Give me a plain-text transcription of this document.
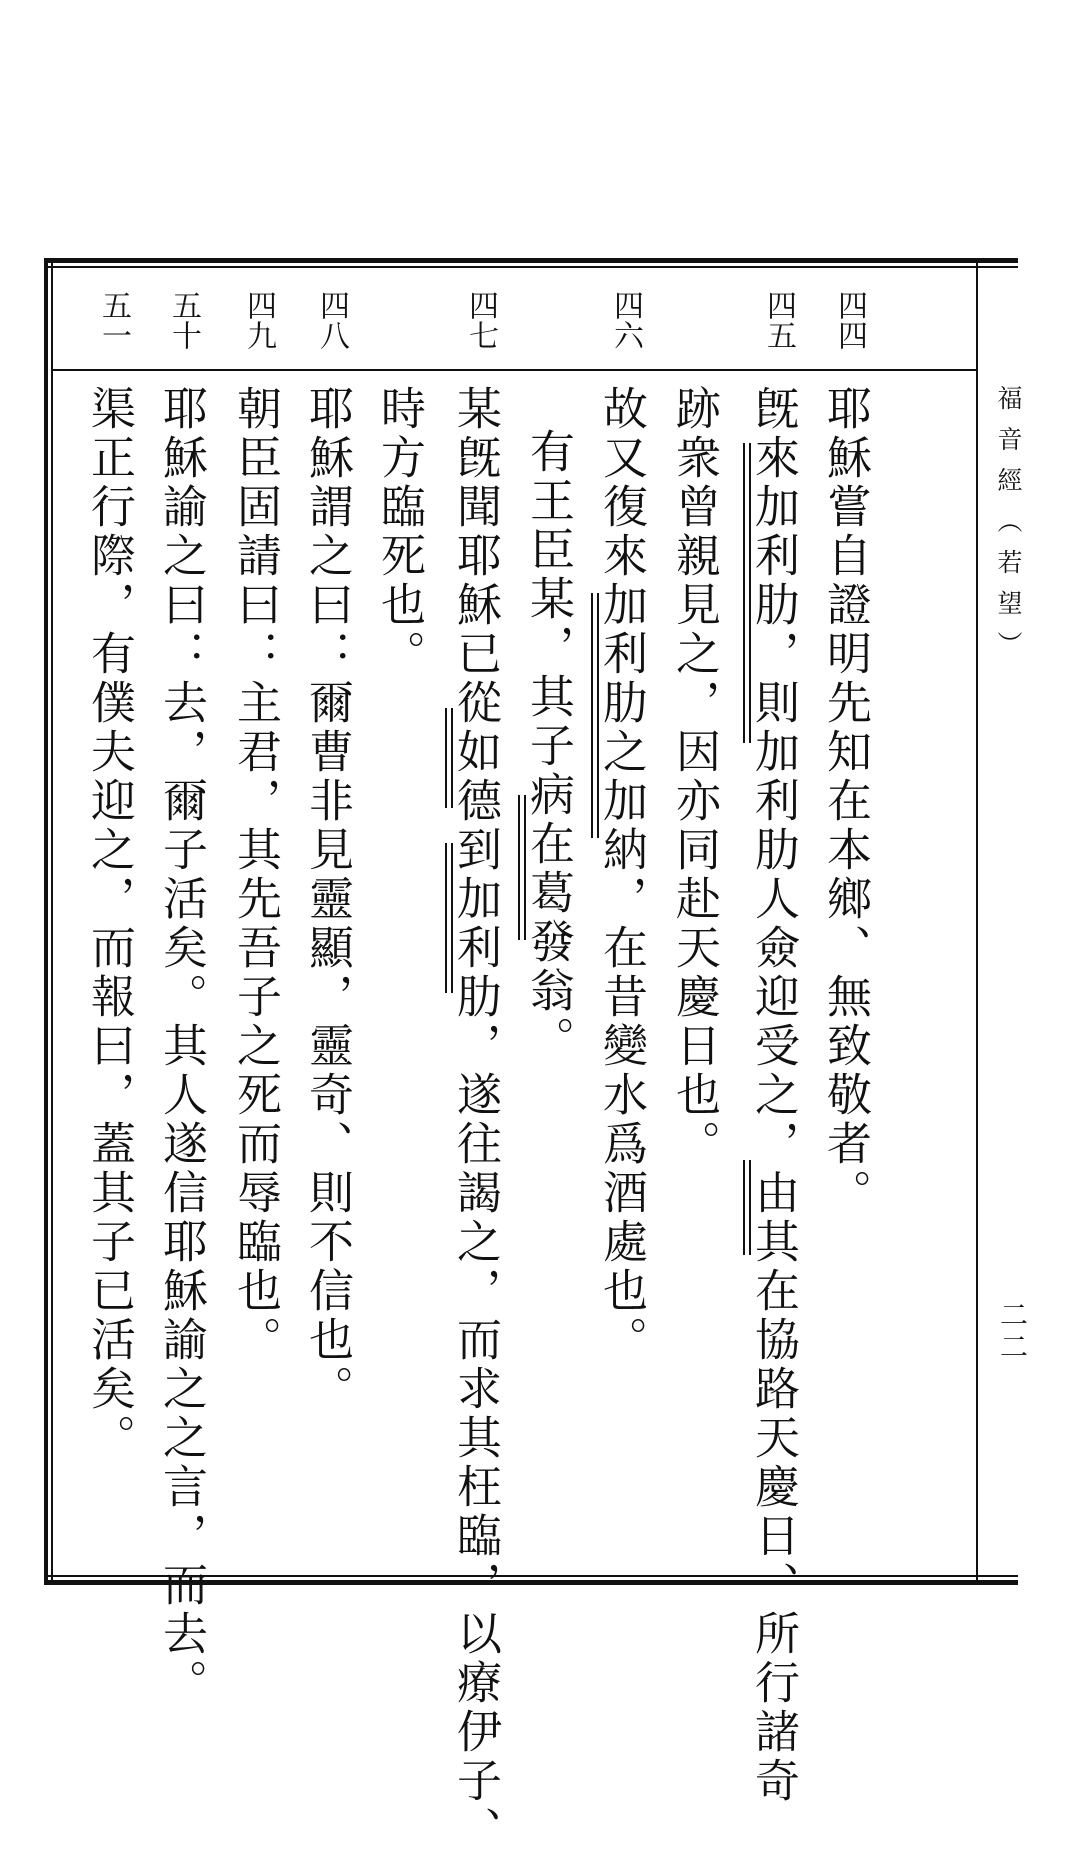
福音經（若望）
二二
四四
四五
四六
四七
四八
四九
五十
五一
耶穌嘗自證明先知在本鄉、無致敬者。
旣來加利肋，則加利肋人僉迎受之，由其在協路天慶日、所行諸奇
跡衆曾親見之，因亦同赴天慶日也。
故又復來加利肋之加納，在昔變水爲酒處也。
有王臣某，其子病在葛發翁。
某旣聞耶穌已從如德到加利肋，遂往謁之，而求其枉臨，以療伊子、
時方臨死也。
耶穌謂之曰：爾曹非見靈顯，靈奇、則不信也。
朝臣固請曰：主君，其先吾子之死而辱臨也。
耶穌諭之曰：去，爾子活矣。其人遂信耶穌諭之之言，而去。
渠正行際，有僕夫迎之，而報曰，蓋其子已活矣。
